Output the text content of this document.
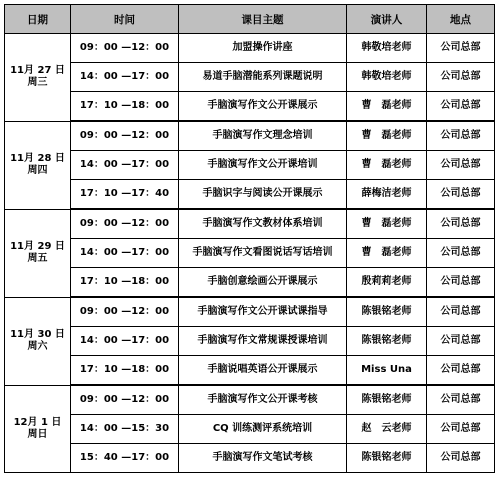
日期	时间	课目主题	演讲人	地点

11月 27 日
周三	09：00 —12：00	加盟操作讲座	韩敬培老师	公司总部
	14：00 —17：00	易道手脑潜能系列课题说明	韩敬培老师	公司总部
	17：10 —18：00	手脑演写作文公开课展示	曹　磊老师	公司总部

11月 28 日
周四	09：00 —12：00	手脑演写作文理念培训	曹　磊老师	公司总部
	14：00 —17：00	手脑演写作文公开课培训	曹　磊老师	公司总部
	17：10 —17：40	手脑识字与阅读公开课展示	薛梅洁老师	公司总部

11月 29 日
周五	09：00 —12：00	手脑演写作文教材体系培训	曹　磊老师	公司总部
	14：00 —17：00	手脑演写作文看图说话写话培训	曹　磊老师	公司总部
	17：10 —18：00	手脑创意绘画公开课展示	殷莉莉老师	公司总部

11月 30 日
周六	09：00 —12：00	手脑演写作文公开课试课指导	陈银铭老师	公司总部
	14：00 —17：00	手脑演写作文常规课授课培训	陈银铭老师	公司总部
	17：10 —18：00	手脑说唱英语公开课展示	Miss Una	公司总部

12月 1 日
周日	09：00 —12：00	手脑演写作文公开课考核	陈银铭老师	公司总部
	14：00 —15：30	CQ 训练测评系统培训	赵　云老师	公司总部
	15：40 —17：00	手脑演写作文笔试考核	陈银铭老师	公司总部
